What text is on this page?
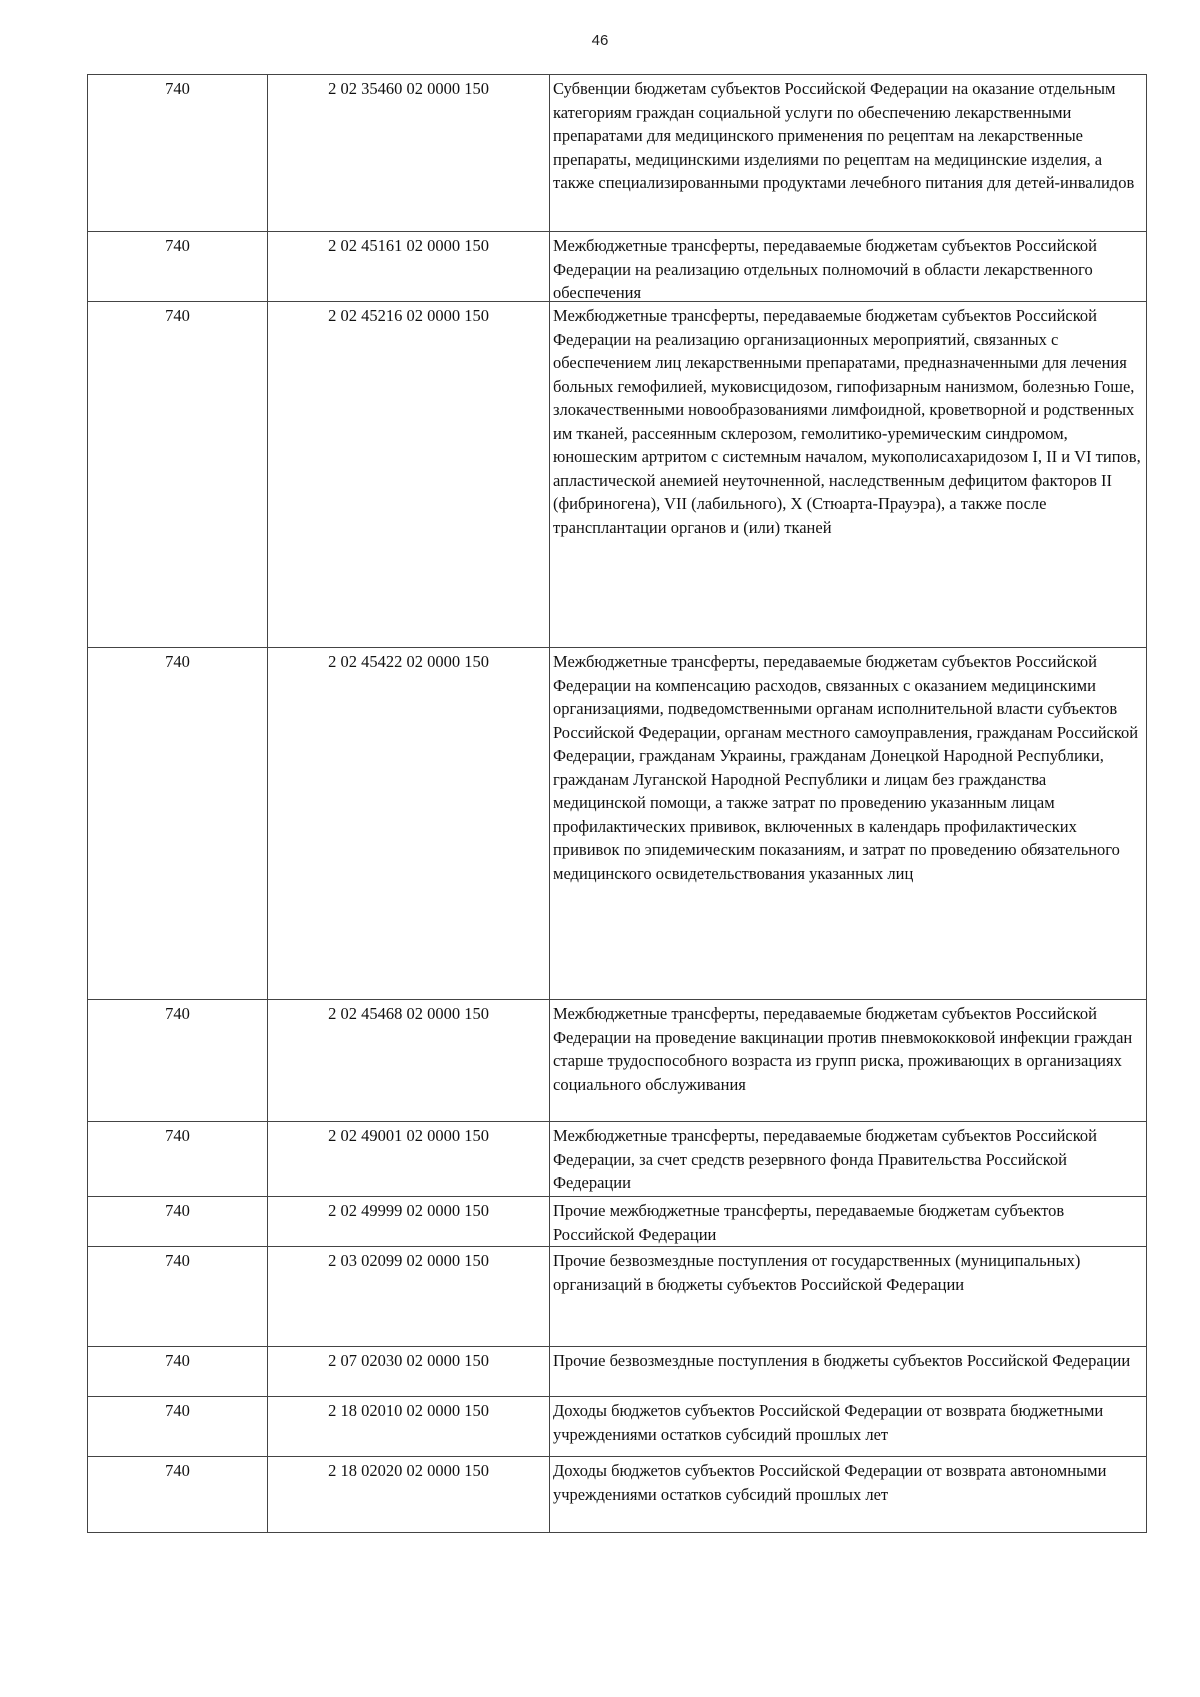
46
740	2 02 35460 02 0000 150	Субвенции бюджетам субъектов Российской Федерации на оказание отдельным категориям граждан социальной услуги по обеспечению лекарственными препаратами для медицинского применения по рецептам на лекарственные препараты, медицинскими изделиями по рецептам на медицинские изделия, а также специализированными продуктами лечебного питания для детей-инвалидов
740	2 02 45161 02 0000 150	Межбюджетные трансферты, передаваемые бюджетам субъектов Российской Федерации на реализацию отдельных полномочий в области лекарственного обеспечения
740	2 02 45216 02 0000 150	Межбюджетные трансферты, передаваемые бюджетам субъектов Российской Федерации на реализацию организационных мероприятий, связанных с обеспечением лиц лекарственными препаратами, предназначенными для лечения больных гемофилией, муковисцидозом, гипофизарным нанизмом, болезнью Гоше, злокачественными новообразованиями лимфоидной, кроветворной и родственных им тканей, рассеянным склерозом, гемолитико-уремическим синдромом, юношеским артритом с системным началом, мукополисахаридозом I, II и VI типов, апластической анемией неуточненной, наследственным дефицитом факторов II (фибриногена), VII (лабильного), X (Стюарта-Прауэра), а также после трансплантации органов и (или) тканей
740	2 02 45422 02 0000 150	Межбюджетные трансферты, передаваемые бюджетам субъектов Российской Федерации на компенсацию расходов, связанных с оказанием медицинскими организациями, подведомственными органам исполнительной власти субъектов Российской Федерации, органам местного самоуправления, гражданам Российской Федерации, гражданам Украины, гражданам Донецкой Народной Республики, гражданам Луганской Народной Республики и лицам без гражданства медицинской помощи, а также затрат по проведению указанным лицам профилактических прививок, включенных в календарь профилактических прививок по эпидемическим показаниям, и затрат по проведению обязательного медицинского освидетельствования указанных лиц
740	2 02 45468 02 0000 150	Межбюджетные трансферты, передаваемые бюджетам субъектов Российской Федерации на проведение вакцинации против пневмококковой инфекции граждан старше трудоспособного возраста из групп риска, проживающих в организациях социального обслуживания
740	2 02 49001 02 0000 150	Межбюджетные трансферты, передаваемые бюджетам субъектов Российской Федерации, за счет средств резервного фонда Правительства Российской Федерации
740	2 02 49999 02 0000 150	Прочие межбюджетные трансферты, передаваемые бюджетам субъектов Российской Федерации
740	2 03 02099 02 0000 150	Прочие безвозмездные поступления от государственных (муниципальных) организаций в бюджеты субъектов Российской Федерации
740	2 07 02030 02 0000 150	Прочие безвозмездные поступления в бюджеты субъектов Российской Федерации
740	2 18 02010 02 0000 150	Доходы бюджетов субъектов Российской Федерации от возврата бюджетными учреждениями остатков субсидий прошлых лет
740	2 18 02020 02 0000 150	Доходы бюджетов субъектов Российской Федерации от возврата автономными учреждениями остатков субсидий прошлых лет
